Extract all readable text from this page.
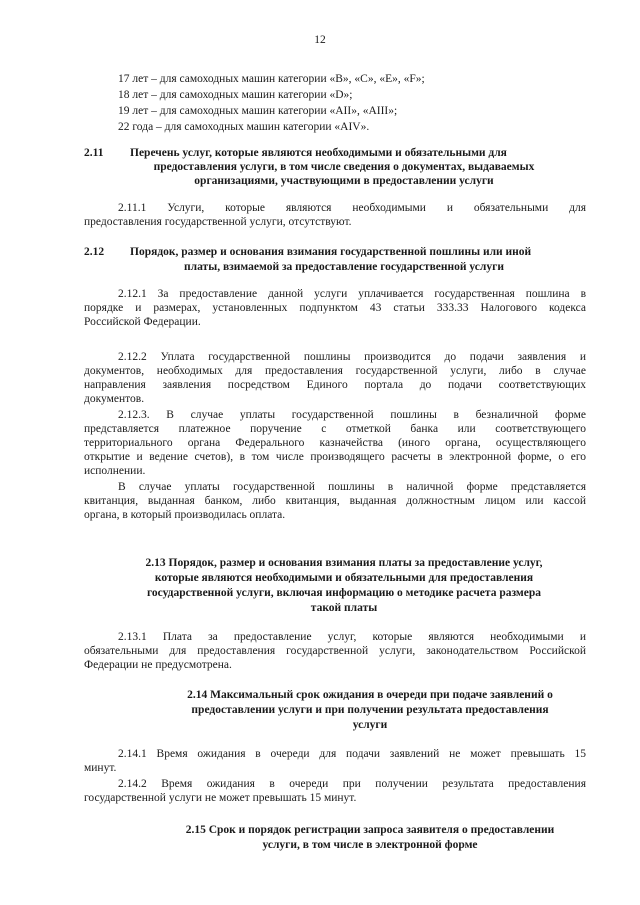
12
17 лет – для самоходных машин категории «B», «C», «E», «F»;
18 лет – для самоходных машин категории «D»;
19 лет – для самоходных машин категории «AII», «AIII»;
22 года – для самоходных машин категории «AIV».
2.11 Перечень услуг, которые являются необходимыми и обязательными для
предоставления услуги, в том числе сведения о документах, выдаваемых
организациями, участвующими в предоставлении услуги
2.11.1 Услуги, которые являются необходимыми и обязательными для
предоставления государственной услуги, отсутствуют.
2.12 Порядок, размер и основания взимания государственной пошлины или иной
платы, взимаемой за предоставление государственной услуги
2.12.1 За предоставление данной услуги уплачивается государственная пошлина в
порядке и размерах, установленных подпунктом 43 статьи 333.33 Налогового кодекса
Российской Федерации.
2.12.2 Уплата государственной пошлины производится до подачи заявления и
документов, необходимых для предоставления государственной услуги, либо в случае
направления заявления посредством Единого портала до подачи соответствующих
документов.
2.12.3. В случае уплаты государственной пошлины в безналичной форме
представляется платежное поручение с отметкой банка или соответствующего
территориального органа Федерального казначейства (иного органа, осуществляющего
открытие и ведение счетов), в том числе производящего расчеты в электронной форме, о его
исполнении.
В случае уплаты государственной пошлины в наличной форме представляется
квитанция, выданная банком, либо квитанция, выданная должностным лицом или кассой
органа, в который производилась оплата.
2.13 Порядок, размер и основания взимания платы за предоставление услуг,
которые являются необходимыми и обязательными для предоставления
государственной услуги, включая информацию о методике расчета размера
такой платы
2.13.1 Плата за предоставление услуг, которые являются необходимыми и
обязательными для предоставления государственной услуги, законодательством Российской
Федерации не предусмотрена.
2.14 Максимальный срок ожидания в очереди при подаче заявлений о
предоставлении услуги и при получении результата предоставления
услуги
2.14.1 Время ожидания в очереди для подачи заявлений не может превышать 15
минут.
2.14.2 Время ожидания в очереди при получении результата предоставления
государственной услуги не может превышать 15 минут.
2.15 Срок и порядок регистрации запроса заявителя о предоставлении
услуги, в том числе в электронной форме
